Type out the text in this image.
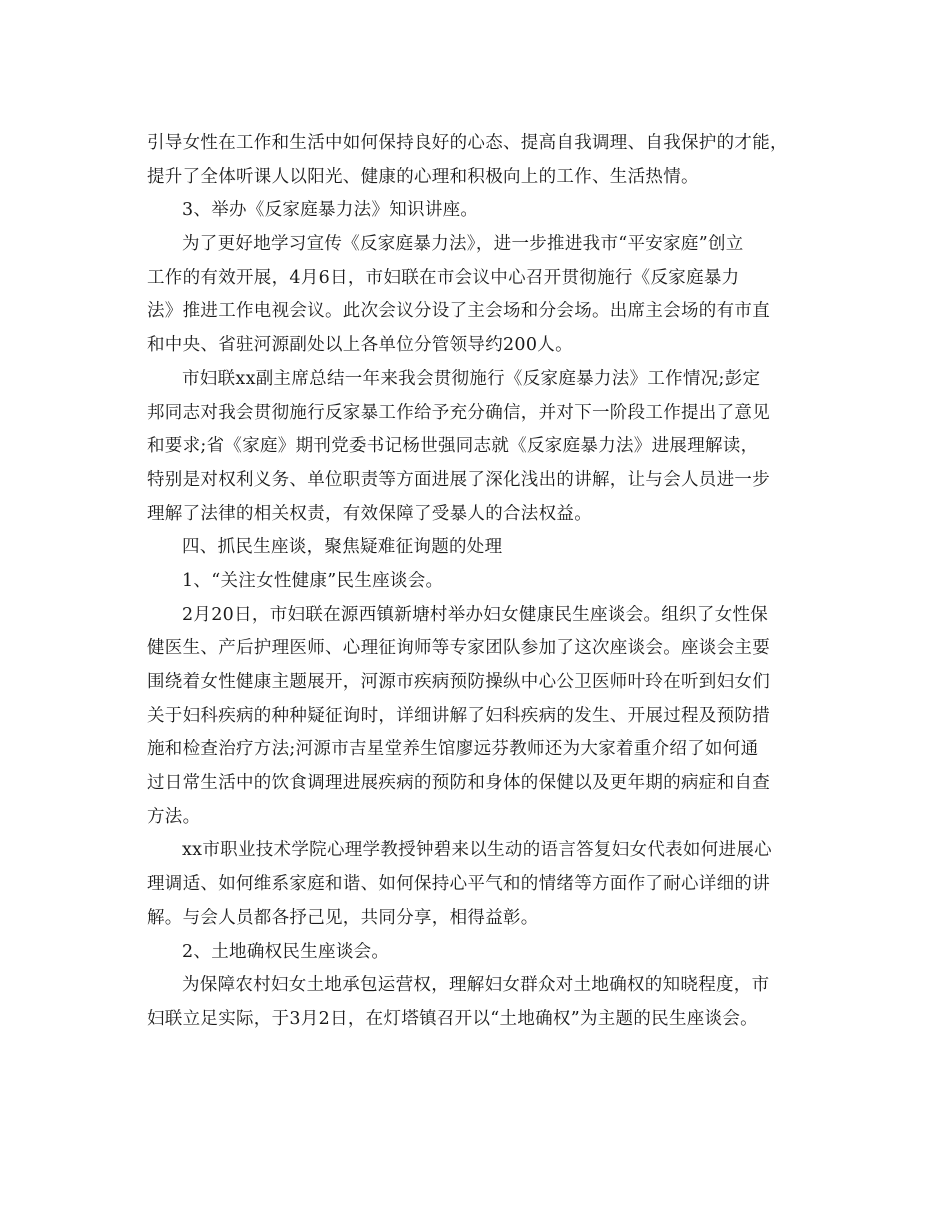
引导女性在工作和生活中如何保持良好的心态、提高自我调理、自我保护的才能，
提升了全体听课人以阳光、健康的心理和积极向上的工作、生活热情。
3、举办《反家庭暴力法》知识讲座。
为了更好地学习宣传《反家庭暴力法》，进一步推进我市“平安家庭”创立
工作的有效开展，4月6日，市妇联在市会议中心召开贯彻施行《反家庭暴力
法》推进工作电视会议。此次会议分设了主会场和分会场。出席主会场的有市直
和中央、省驻河源副处以上各单位分管领导约200人。
市妇联xx副主席总结一年来我会贯彻施行《反家庭暴力法》工作情况;彭定
邦同志对我会贯彻施行反家暴工作给予充分确信，并对下一阶段工作提出了意见
和要求;省《家庭》期刊党委书记杨世强同志就《反家庭暴力法》进展理解读，
特别是对权利义务、单位职责等方面进展了深化浅出的讲解，让与会人员进一步
理解了法律的相关权责，有效保障了受暴人的合法权益。
四、抓民生座谈，聚焦疑难征询题的处理
1、“关注女性健康”民生座谈会。
2月20日，市妇联在源西镇新塘村举办妇女健康民生座谈会。组织了女性保
健医生、产后护理医师、心理征询师等专家团队参加了这次座谈会。座谈会主要
围绕着女性健康主题展开，河源市疾病预防操纵中心公卫医师叶玲在听到妇女们
关于妇科疾病的种种疑征询时，详细讲解了妇科疾病的发生、开展过程及预防措
施和检查治疗方法;河源市吉星堂养生馆廖远芬教师还为大家着重介绍了如何通
过日常生活中的饮食调理进展疾病的预防和身体的保健以及更年期的病症和自查
方法。
xx市职业技术学院心理学教授钟碧来以生动的语言答复妇女代表如何进展心
理调适、如何维系家庭和谐、如何保持心平气和的情绪等方面作了耐心详细的讲
解。与会人员都各抒己见，共同分享，相得益彰。
2、土地确权民生座谈会。
为保障农村妇女土地承包运营权，理解妇女群众对土地确权的知晓程度，市
妇联立足实际，于3月2日，在灯塔镇召开以“土地确权”为主题的民生座谈会。
